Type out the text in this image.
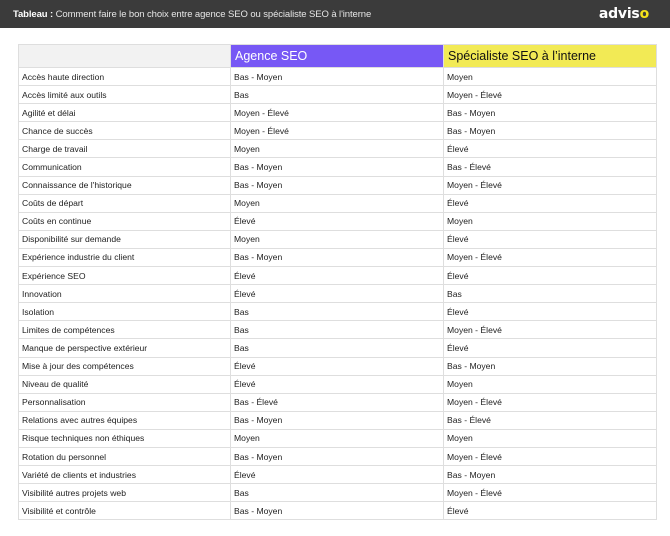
Tableau : Comment faire le bon choix entre agence SEO ou spécialiste SEO à l'interne	adviso
	Agence SEO	Spécialiste SEO à l’interne
Accès haute direction	Bas - Moyen	Moyen
Accès limité aux outils	Bas	Moyen - Élevé
Agilité et délai	Moyen - Élevé	Bas - Moyen
Chance de succès	Moyen - Élevé	Bas - Moyen
Charge de travail	Moyen	Élevé
Communication	Bas - Moyen	Bas - Élevé
Connaissance de l'historique	Bas - Moyen	Moyen - Élevé
Coûts de départ	Moyen	Élevé
Coûts en continue	Élevé	Moyen
Disponibilité sur demande	Moyen	Élevé
Expérience industrie du client	Bas - Moyen	Moyen - Élevé
Expérience SEO	Élevé	Élevé
Innovation	Élevé	Bas
Isolation	Bas	Élevé
Limites de compétences	Bas	Moyen - Élevé
Manque de perspective extérieur	Bas	Élevé
Mise à jour des compétences	Élevé	Bas - Moyen
Niveau de qualité	Élevé	Moyen
Personnalisation	Bas - Élevé	Moyen - Élevé
Relations avec autres équipes	Bas - Moyen	Bas - Élevé
Risque techniques non éthiques	Moyen	Moyen
Rotation du personnel	Bas - Moyen	Moyen - Élevé
Variété de clients et industries	Élevé	Bas - Moyen
Visibilité autres projets web	Bas	Moyen - Élevé
Visibilité et contrôle	Bas - Moyen	Élevé
